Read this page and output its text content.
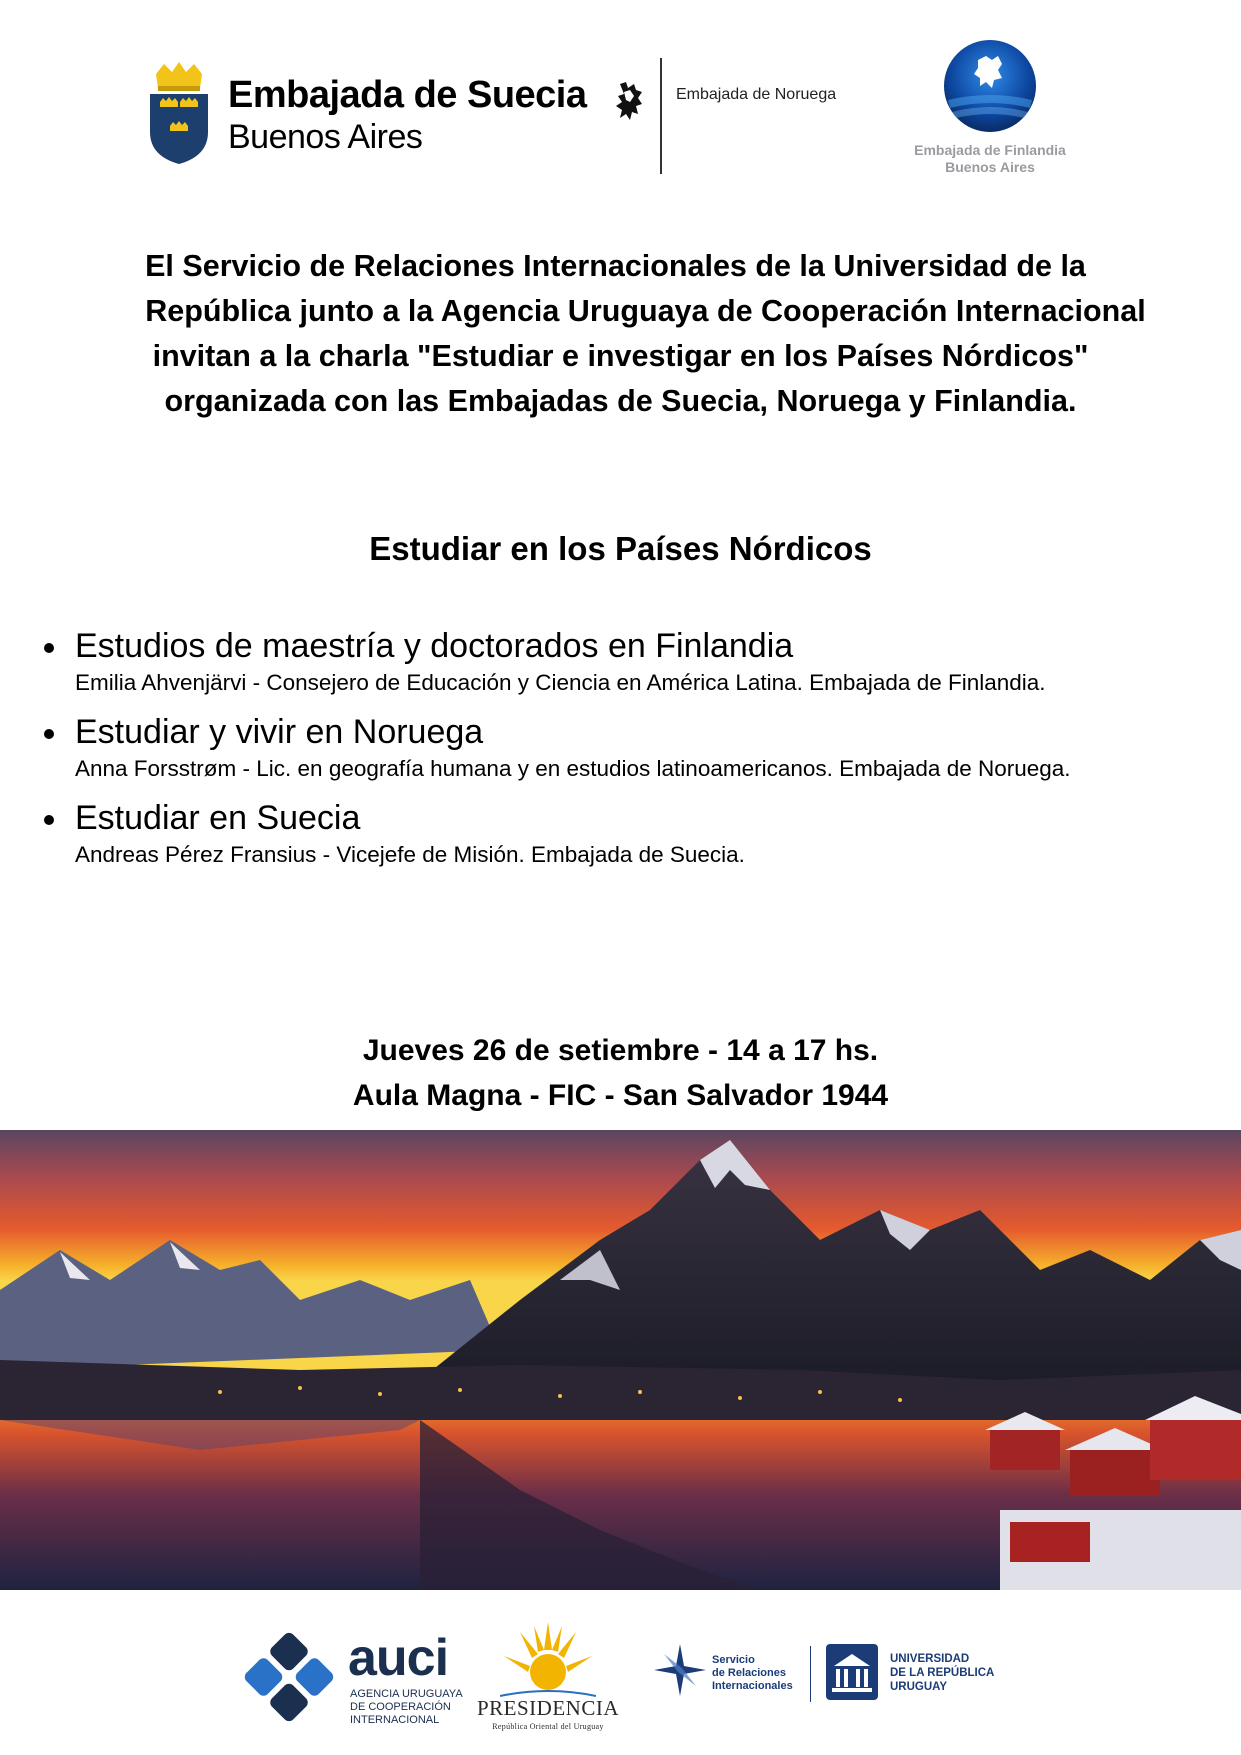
Embajada de Suecia
Buenos Aires
Embajada de Noruega
Embajada de Finlandia
Buenos Aires
El Servicio de Relaciones Internacionales de la Universidad de la
República junto a la Agencia Uruguaya de Cooperación Internacional
invitan a la charla "Estudiar e investigar en los Países Nórdicos"
organizada con las Embajadas de Suecia, Noruega y Finlandia.
Estudiar en los Países Nórdicos
Estudios de maestría y doctorados en Finlandia
Emilia Ahvenjärvi - Consejero de Educación y Ciencia en América Latina. Embajada de Finlandia.
Estudiar y vivir en Noruega
Anna Forsstrøm - Lic. en geografía humana y en estudios latinoamericanos. Embajada de Noruega.
Estudiar en Suecia
Andreas Pérez Fransius - Vicejefe de Misión. Embajada de Suecia.
Jueves 26 de setiembre - 14 a 17 hs.
Aula Magna - FIC - San Salvador 1944
auci
AGENCIA URUGUAYA
DE COOPERACIÓN
INTERNACIONAL	PRESIDENCIA
República Oriental del Uruguay
Servicio
de Relaciones
Internacionales
UNIVERSIDAD
DE LA REPÚBLICA
URUGUAY
